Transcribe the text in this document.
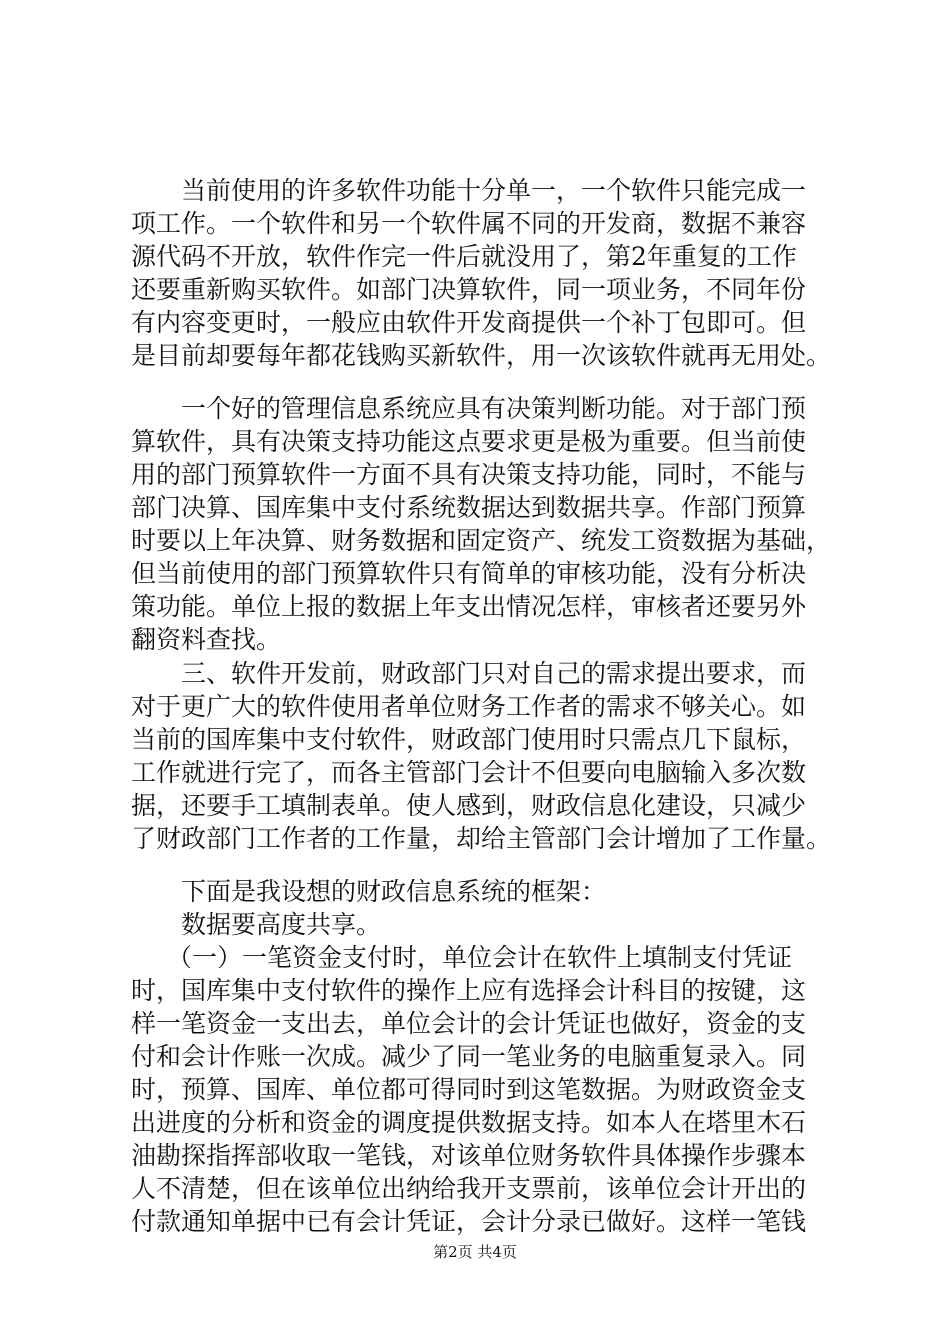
当前使用的许多软件功能十分单一，一个软件只能完成一
项工作。一个软件和另一个软件属不同的开发商，数据不兼容
源代码不开放，软件作完一件后就没用了，第2年重复的工作
还要重新购买软件。如部门决算软件，同一项业务，不同年份
有内容变更时，一般应由软件开发商提供一个补丁包即可。但
是目前却要每年都花钱购买新软件，用一次该软件就再无用处。
一个好的管理信息系统应具有决策判断功能。对于部门预
算软件，具有决策支持功能这点要求更是极为重要。但当前使
用的部门预算软件一方面不具有决策支持功能，同时，不能与
部门决算、国库集中支付系统数据达到数据共享。作部门预算
时要以上年决算、财务数据和固定资产、统发工资数据为基础，
但当前使用的部门预算软件只有简单的审核功能，没有分析决
策功能。单位上报的数据上年支出情况怎样，审核者还要另外
翻资料查找。
三、软件开发前，财政部门只对自己的需求提出要求，而
对于更广大的软件使用者单位财务工作者的需求不够关心。如
当前的国库集中支付软件，财政部门使用时只需点几下鼠标，
工作就进行完了，而各主管部门会计不但要向电脑输入多次数
据，还要手工填制表单。使人感到，财政信息化建设，只减少
了财政部门工作者的工作量，却给主管部门会计增加了工作量。
下面是我设想的财政信息系统的框架：
数据要高度共享。
（一）一笔资金支付时，单位会计在软件上填制支付凭证
时，国库集中支付软件的操作上应有选择会计科目的按键，这
样一笔资金一支出去，单位会计的会计凭证也做好，资金的支
付和会计作账一次成。减少了同一笔业务的电脑重复录入。同
时，预算、国库、单位都可得同时到这笔数据。为财政资金支
出进度的分析和资金的调度提供数据支持。如本人在塔里木石
油勘探指挥部收取一笔钱，对该单位财务软件具体操作步骤本
人不清楚，但在该单位出纳给我开支票前，该单位会计开出的
付款通知单据中已有会计凭证，会计分录已做好。这样一笔钱
第2页 共4页
